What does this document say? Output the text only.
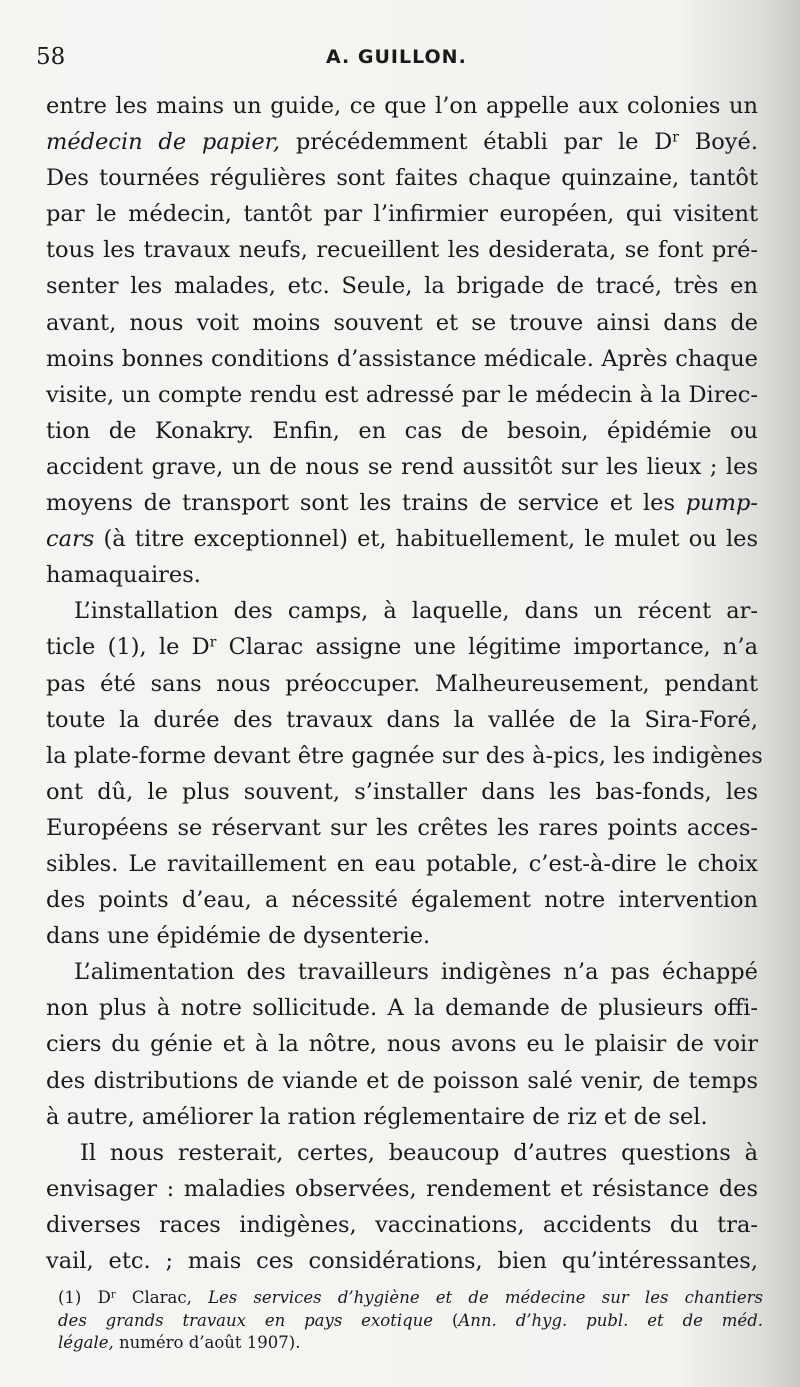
58	A. GUILLON.
entre les mains un guide, ce que l’on appelle aux colonies un
médecin de papier, précédemment établi par le $D^r$ Boyé.
Des tournées régulières sont faites chaque quinzaine, tantôt
par le médecin, tantôt par l’infirmier européen, qui visitent
tous les travaux neufs, recueillent les desiderata, se font pré-
senter les malades, etc. Seule, la brigade de tracé, très en
avant, nous voit moins souvent et se trouve ainsi dans de
moins bonnes conditions d’assistance médicale. Après chaque
visite, un compte rendu est adressé par le médecin à la Direc-
tion de Konakry. Enfin, en cas de besoin, épidémie ou
accident grave, un de nous se rend aussitôt sur les lieux ; les
moyens de transport sont les trains de service et les pump-
cars (à titre exceptionnel) et, habituellement, le mulet ou les
hamaquaires.
L’installation des camps, à laquelle, dans un récent ar-
ticle (1), le $D^r$ Clarac assigne une légitime importance, n’a
pas été sans nous préoccuper. Malheureusement, pendant
toute la durée des travaux dans la vallée de la Sira-Foré,
la plate-forme devant être gagnée sur des à-pics, les indigènes
ont dû, le plus souvent, s’installer dans les bas-fonds, les
Européens se réservant sur les crêtes les rares points acces-
sibles. Le ravitaillement en eau potable, c’est-à-dire le choix
des points d’eau, a nécessité également notre intervention
dans une épidémie de dysenterie.
L’alimentation des travailleurs indigènes n’a pas échappé
non plus à notre sollicitude. A la demande de plusieurs offi-
ciers du génie et à la nôtre, nous avons eu le plaisir de voir
des distributions de viande et de poisson salé venir, de temps
à autre, améliorer la ration réglementaire de riz et de sel.
Il nous resterait, certes, beaucoup d’autres questions à
envisager : maladies observées, rendement et résistance des
diverses races indigènes, vaccinations, accidents du tra-
vail, etc. ; mais ces considérations, bien qu’intéressantes,
(1) $D^r$ Clarac, Les services d’hygiène et de médecine sur les chantiers
des grands travaux en pays exotique (Ann. d’hyg. publ. et de méd.
légale, numéro d’août 1907).
